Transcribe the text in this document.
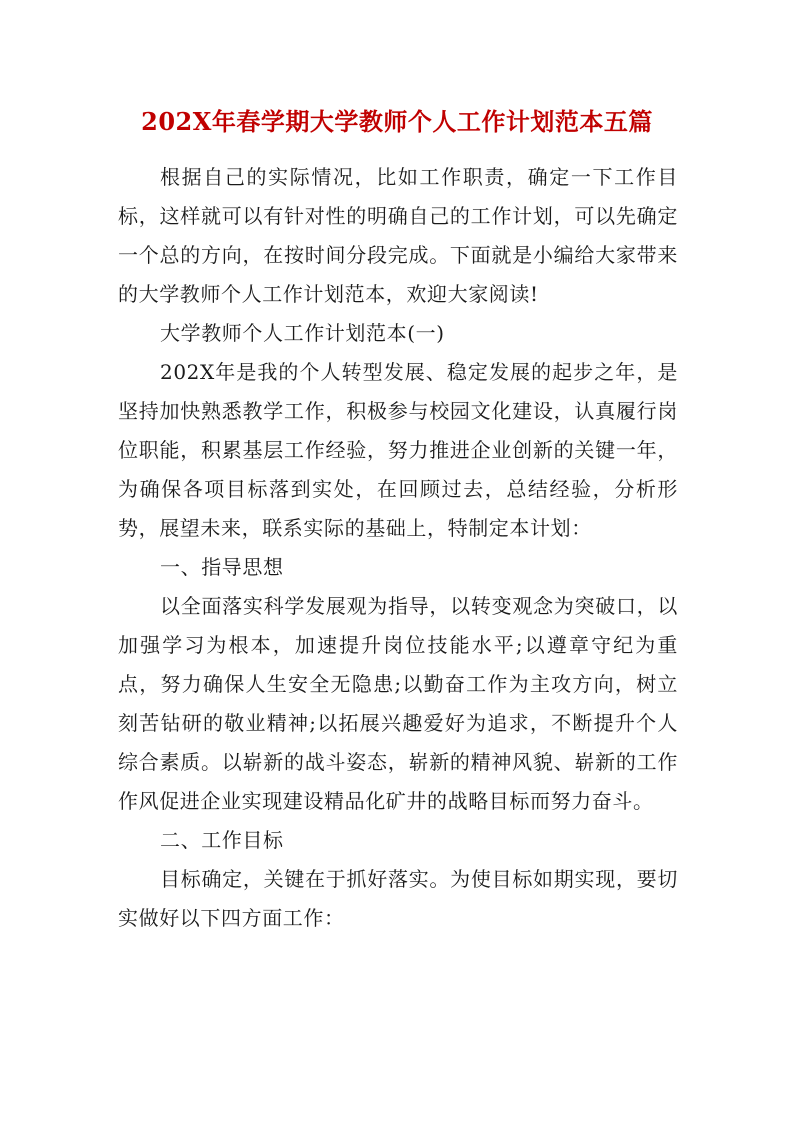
202X年春学期大学教师个人工作计划范本五篇

根据自己的实际情况，比如工作职责，确定一下工作目标，这样就可以有针对性的明确自己的工作计划，可以先确定一个总的方向，在按时间分段完成。下面就是小编给大家带来的大学教师个人工作计划范本，欢迎大家阅读!

大学教师个人工作计划范本(一)

202X年是我的个人转型发展、稳定发展的起步之年，是坚持加快熟悉教学工作，积极参与校园文化建设，认真履行岗位职能，积累基层工作经验，努力推进企业创新的关键一年，为确保各项目标落到实处，在回顾过去，总结经验，分析形势，展望未来，联系实际的基础上，特制定本计划：

一、指导思想

以全面落实科学发展观为指导，以转变观念为突破口，以加强学习为根本，加速提升岗位技能水平;以遵章守纪为重点，努力确保人生安全无隐患;以勤奋工作为主攻方向，树立刻苦钻研的敬业精神;以拓展兴趣爱好为追求，不断提升个人综合素质。以崭新的战斗姿态，崭新的精神风貌、崭新的工作作风促进企业实现建设精品化矿井的战略目标而努力奋斗。

二、工作目标

目标确定，关键在于抓好落实。为使目标如期实现，要切实做好以下四方面工作：
